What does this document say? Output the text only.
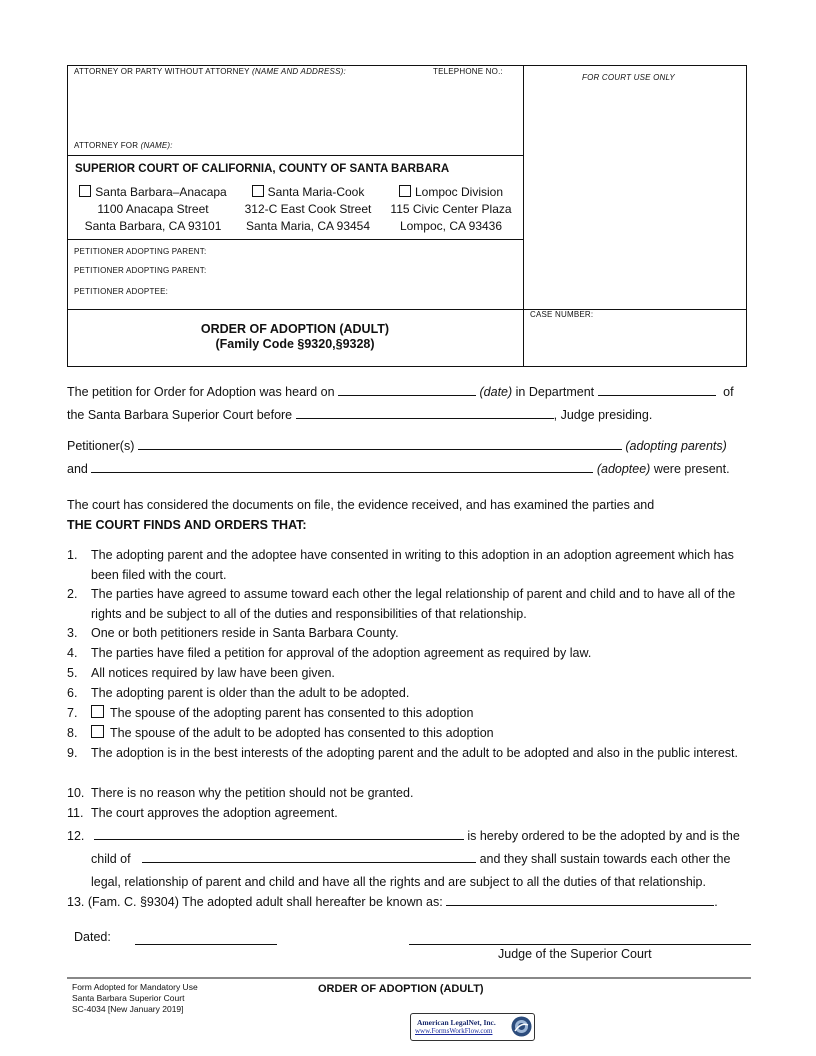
ATTORNEY OR PARTY WITHOUT ATTORNEY (NAME AND ADDRESS):	TELEPHONE NO.:
FOR COURT USE ONLY
ATTORNEY FOR (NAME):
SUPERIOR COURT OF CALIFORNIA, COUNTY OF SANTA BARBARA
Santa Barbara–Anacapa
1100 Anacapa Street
Santa Barbara, CA 93101
Santa Maria-Cook
312-C East Cook Street
Santa Maria, CA 93454
Lompoc Division
115 Civic Center Plaza
Lompoc, CA 93436
PETITIONER ADOPTING PARENT:
PETITIONER ADOPTING PARENT:
PETITIONER ADOPTEE:
CASE NUMBER:
ORDER OF ADOPTION (ADULT)
(Family Code §9320,§9328)
The petition for Order for Adoption was heard on	(date) in Department	of
the Santa Barbara Superior Court before	, Judge presiding.
Petitioner(s)	(adopting parents)
and	(adoptee) were present.
The court has considered the documents on file, the evidence received, and has examined the parties and
THE COURT FINDS AND ORDERS THAT:
1. The adopting parent and the adoptee have consented in writing to this adoption in an adoption agreement which has been filed with the court.
2. The parties have agreed to assume toward each other the legal relationship of parent and child and to have all of the rights and be subject to all of the duties and responsibilities of that relationship.
3. One or both petitioners reside in Santa Barbara County.
4. The parties have filed a petition for approval of the adoption agreement as required by law.
5. All notices required by law have been given.
6. The adopting parent is older than the adult to be adopted.
7.	The spouse of the adopting parent has consented to this adoption
8.	The spouse of the adult to be adopted has consented to this adoption
9. The adoption is in the best interests of the adopting parent and the adult to be adopted and also in the public interest.
10. There is no reason why the petition should not be granted.
11. The court approves the adoption agreement.
12.	is hereby ordered to be the adopted by and is the
child of	and they shall sustain towards each other the
legal, relationship of parent and child and have all the rights and are subject to all the duties of that relationship.
13. (Fam. C. §9304) The adopted adult shall hereafter be known as:	.
Dated:
Judge of the Superior Court
Form Adopted for Mandatory Use
Santa Barbara Superior Court
SC-4034 [New January 2019]
ORDER OF ADOPTION (ADULT)
American LegalNet, Inc.
www.FormsWorkFlow.com
